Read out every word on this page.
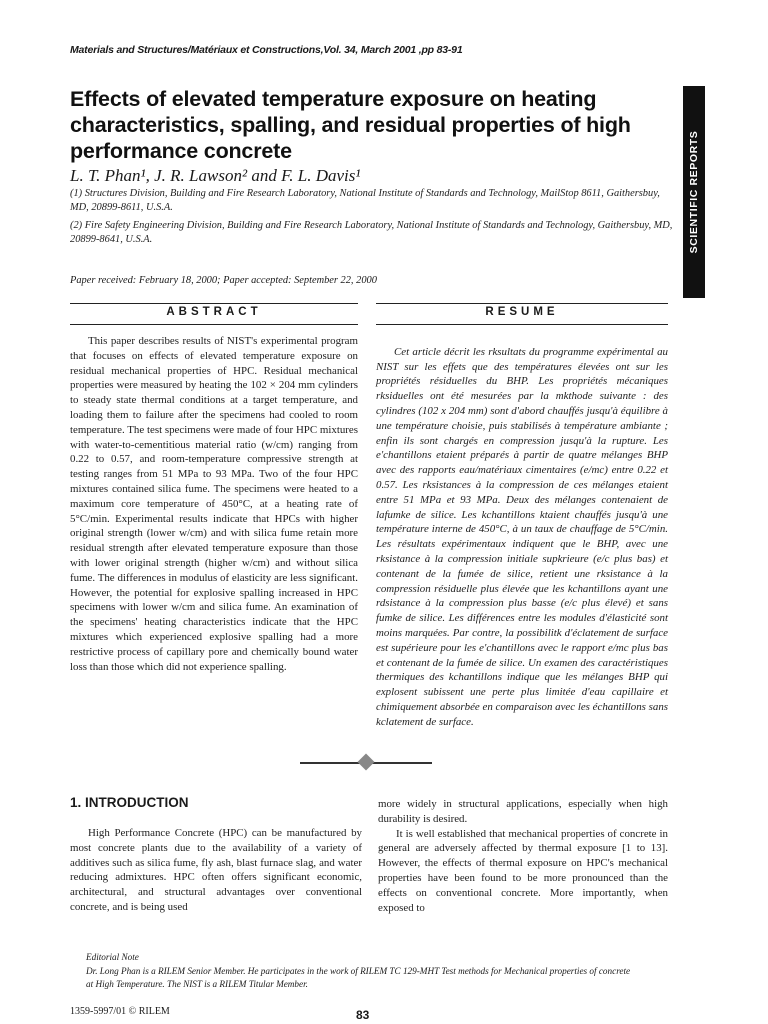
Materials and Structures/Matériaux et Constructions,Vol. 34, March 2001 ,pp 83-91
SCIENTIFIC REPORTS
Effects of elevated temperature exposure on heating characteristics, spalling, and residual properties of high performance concrete
L. T. Phan¹, J. R. Lawson² and F. L. Davis¹
(1) Structures Division, Building and Fire Research Laboratory, National Institute of Standards and Technology, MailStop 8611, Gaithersbuy, MD, 20899-8611, U.S.A.
(2) Fire Safety Engineering Division, Building and Fire Research Laboratory, National Institute of Standards and Technology, Gaithersbuy, MD, 20899-8641, U.S.A.
Paper received: February 18, 2000; Paper accepted: September 22, 2000
ABSTRACT	RESUME

This paper describes results of NIST's experimental program that focuses on effects of elevated temperature exposure on residual mechanical properties of HPC. Residual mechanical properties were measured by heating the 102 × 204 mm cylinders to steady state thermal conditions at a target temperature, and loading them to failure after the specimens had cooled to room temperature. The test specimens were made of four HPC mixtures with water-to-cementitious material ratio (w/cm) ranging from 0.22 to 0.57, and room-temperature compressive strength at testing ranges from 51 MPa to 93 MPa. Two of the four HPC mixtures contained silica fume. The specimens were heated to a maximum core temperature of 450°C, at a heating rate of 5°C/min. Experimental results indicate that HPCs with higher original strength (lower w/cm) and with silica fume retain more residual strength after elevated temperature exposure than those with lower original strength (higher w/cm) and without silica fume. The differences in modulus of elasticity are less significant. However, the potential for explosive spalling increased in HPC specimens with lower w/cm and silica fume. An examination of the specimens' heating characteristics indicate that the HPC mixtures which experienced explosive spalling had a more restrictive process of capillary pore and chemically bound water loss than those which did not experience spalling.

Cet article décrit les rksultats du programme expérimental au NIST sur les effets que des températures élevées ont sur les propriétés résiduelles du BHP. Les propriétés mécaniques rksiduelles ont été mesurées par la mkthode suivante : des cylindres (102 x 204 mm) sont d'abord chauffés jusqu'à équilibre à une température choisie, puis stabilisés à température ambiante ; enfin ils sont chargés en compression jusqu'à la rupture. Les e'chantillons etaient préparés à partir de quatre mélanges BHP avec des rapports eau/matériaux cimentaires (e/mc) entre 0.22 et 0.57. Les rksistances à la compression de ces mélanges etaient entre 51 MPa et 93 MPa. Deux des mélanges contenaient de lafumke de silice. Les kchantillons ktaient chauffés jusqu'à une température interne de 450°C, à un taux de chauffage de 5°C/min. Les résultats expérimentaux indiquent que le BHP, avec une rksistance à la compression initiale supkrieure (e/c plus bas) et contenant de la fumée de silice, retient une rksistance à la compression résiduelle plus élevée que les kchantillons ayant une rdsistance à la compression plus basse (e/c plus élevé) et sans fumke de silice. Les différences entre les modules d'élasticité sont moins marquées. Par contre, la possibilitk d'éclatement de surface est supérieure pour les e'chantillons avec le rapport e/mc plus bas et contenant de la fumée de silice. Un examen des caractéristiques thermiques des kchantillons indique que les mélanges BHP qui explosent subissent une perte plus limitée d'eau capillaire et chimiquement absorbée en comparaison avec les échantillons sans kclatement de surface.

1. INTRODUCTION

High Performance Concrete (HPC) can be manufactured by most concrete plants due to the availability of a variety of additives such as silica fume, fly ash, blast furnace slag, and water reducing admixtures. HPC often offers significant economic, architectural, and structural advantages over conventional concrete, and is being used

more widely in structural applications, especially when high durability is desired.

It is well established that mechanical properties of concrete in general are adversely affected by thermal exposure [1 to 13]. However, the effects of thermal exposure on HPC's mechanical properties have been found to be more pronounced than the effects on conventional concrete. More importantly, when exposed to

Editorial Note
Dr. Long Phan is a RILEM Senior Member. He participates in the work of RILEM TC 129-MHT Test methods for Mechanical properties of concrete
at High Temperature. The NIST is a RILEM Titular Member.
1359-5997/01 © RILEM	83
